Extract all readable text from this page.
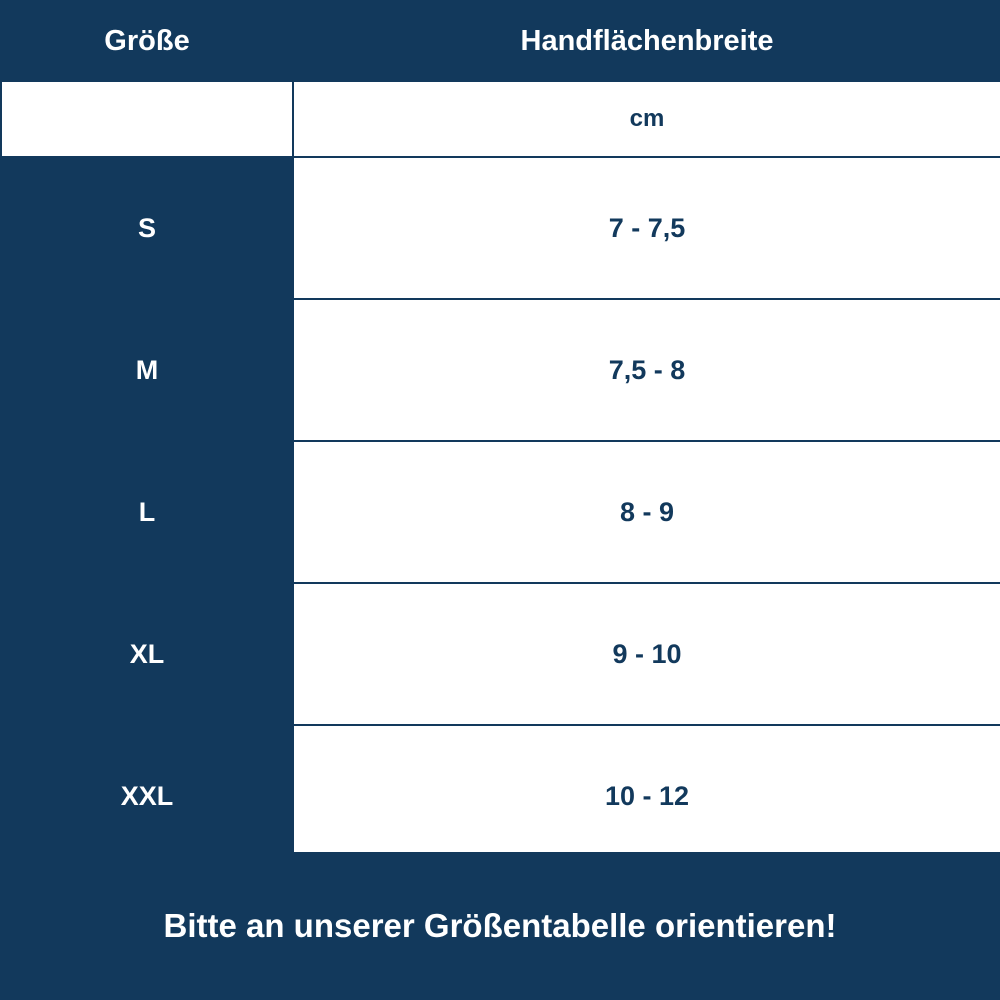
Größe	Handflächenbreite
	cm
S	7 - 7,5
M	7,5 - 8
L	8 - 9
XL	9 - 10
XXL	10 - 12
Bitte an unserer Größentabelle orientieren!
